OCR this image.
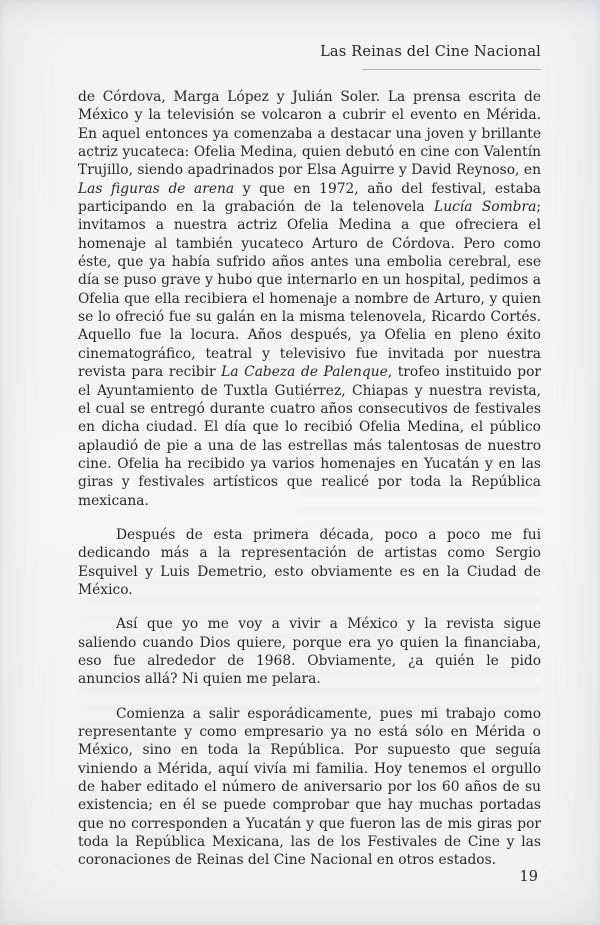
Las Reinas del Cine Nacional

de Córdova, Marga López y Julián Soler. La prensa escrita de México y la televisión se volcaron a cubrir el evento en Mérida. En aquel entonces ya comenzaba a destacar una joven y brillante actriz yucateca: Ofelia Medina, quien debutó en cine con Valentín Trujillo, siendo apadrinados por Elsa Aguirre y David Reynoso, en Las figuras de arena y que en 1972, año del festival, estaba participando en la grabación de la telenovela Lucía Sombra; invitamos a nuestra actriz Ofelia Medina a que ofreciera el homenaje al también yucateco Arturo de Córdova. Pero como éste, que ya había sufrido años antes una embolia cerebral, ese día se puso grave y hubo que internarlo en un hospital, pedimos a Ofelia que ella recibiera el homenaje a nombre de Arturo, y quien se lo ofreció fue su galán en la misma telenovela, Ricardo Cortés. Aquello fue la locura. Años después, ya Ofelia en pleno éxito cinematográfico, teatral y televisivo fue invitada por nuestra revista para recibir La Cabeza de Palenque, trofeo instituido por el Ayuntamiento de Tuxtla Gutiérrez, Chiapas y nuestra revista, el cual se entregó durante cuatro años consecutivos de festivales en dicha ciudad. El día que lo recibió Ofelia Medina, el público aplaudió de pie a una de las estrellas más talentosas de nuestro cine. Ofelia ha recibido ya varios homenajes en Yucatán y en las giras y festivales artísticos que realicé por toda la República mexicana.

Después de esta primera década, poco a poco me fui dedicando más a la representación de artistas como Sergio Esquivel y Luis Demetrio, esto obviamente es en la Ciudad de México.

Así que yo me voy a vivir a México y la revista sigue saliendo cuando Dios quiere, porque era yo quien la financiaba, eso fue alrededor de 1968. Obviamente, ¿a quién le pido anuncios allá? Ni quien me pelara.

Comienza a salir esporádicamente, pues mi trabajo como representante y como empresario ya no está sólo en Mérida o México, sino en toda la República. Por supuesto que seguía viniendo a Mérida, aquí vivía mi familia. Hoy tenemos el orgullo de haber editado el número de aniversario por los 60 años de su existencia; en él se puede comprobar que hay muchas portadas que no corresponden a Yucatán y que fueron las de mis giras por toda la República Mexicana, las de los Festivales de Cine y las coronaciones de Reinas del Cine Nacional en otros estados.

19
